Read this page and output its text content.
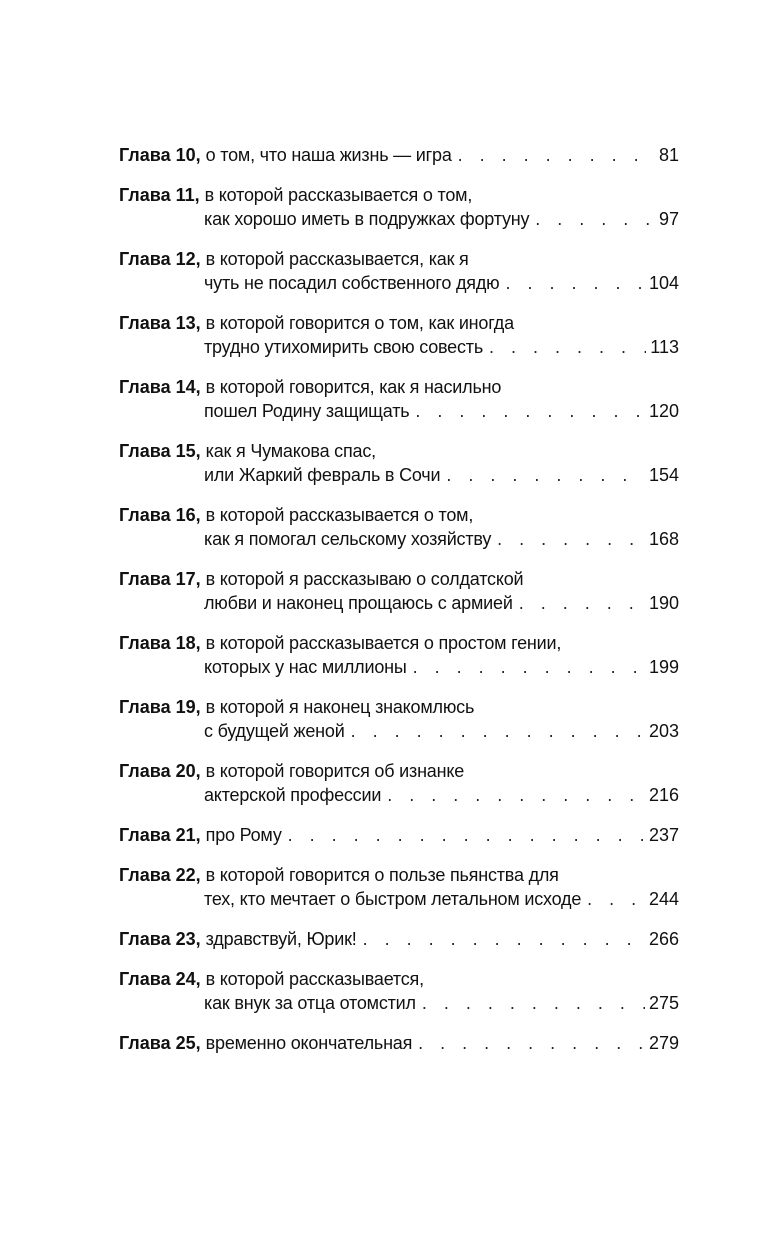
Глава 10,
о том, что наша жизнь — игра . . .	81
Глава 11,
в которой рассказывается о том,
как хорошо иметь в подружках фортуну . . .	97
Глава 12,
в которой рассказывается, как я
чуть не посадил собственного дядю . . .	104
Глава 13,
в которой говорится о том, как иногда
трудно утихомирить свою совесть . . .	113
Глава 14,
в которой говорится, как я насильно
пошел Родину защищать . . .	120
Глава 15,
как я Чумакова спас,
или Жаркий февраль в Сочи . . .	154
Глава 16,
в которой рассказывается о том,
как я помогал сельскому хозяйству . . .	168
Глава 17,
в которой я рассказываю о солдатской
любви и наконец прощаюсь с армией . . .	190
Глава 18,
в которой рассказывается о простом гении,
которых у нас миллионы . . .	199
Глава 19,
в которой я наконец знакомлюсь
с будущей женой . . .	203
Глава 20,
в которой говорится об изнанке
актерской профессии . . .	216
Глава 21,
про Рому . . .	237
Глава 22,
в которой говорится о пользе пьянства для
тех, кто мечтает о быстром летальном исходе . . .	244
Глава 23,
здравствуй, Юрик! . . .	266
Глава 24,
в которой рассказывается,
как внук за отца отомстил . . .	275
Глава 25,
временно окончательная . . .	279
